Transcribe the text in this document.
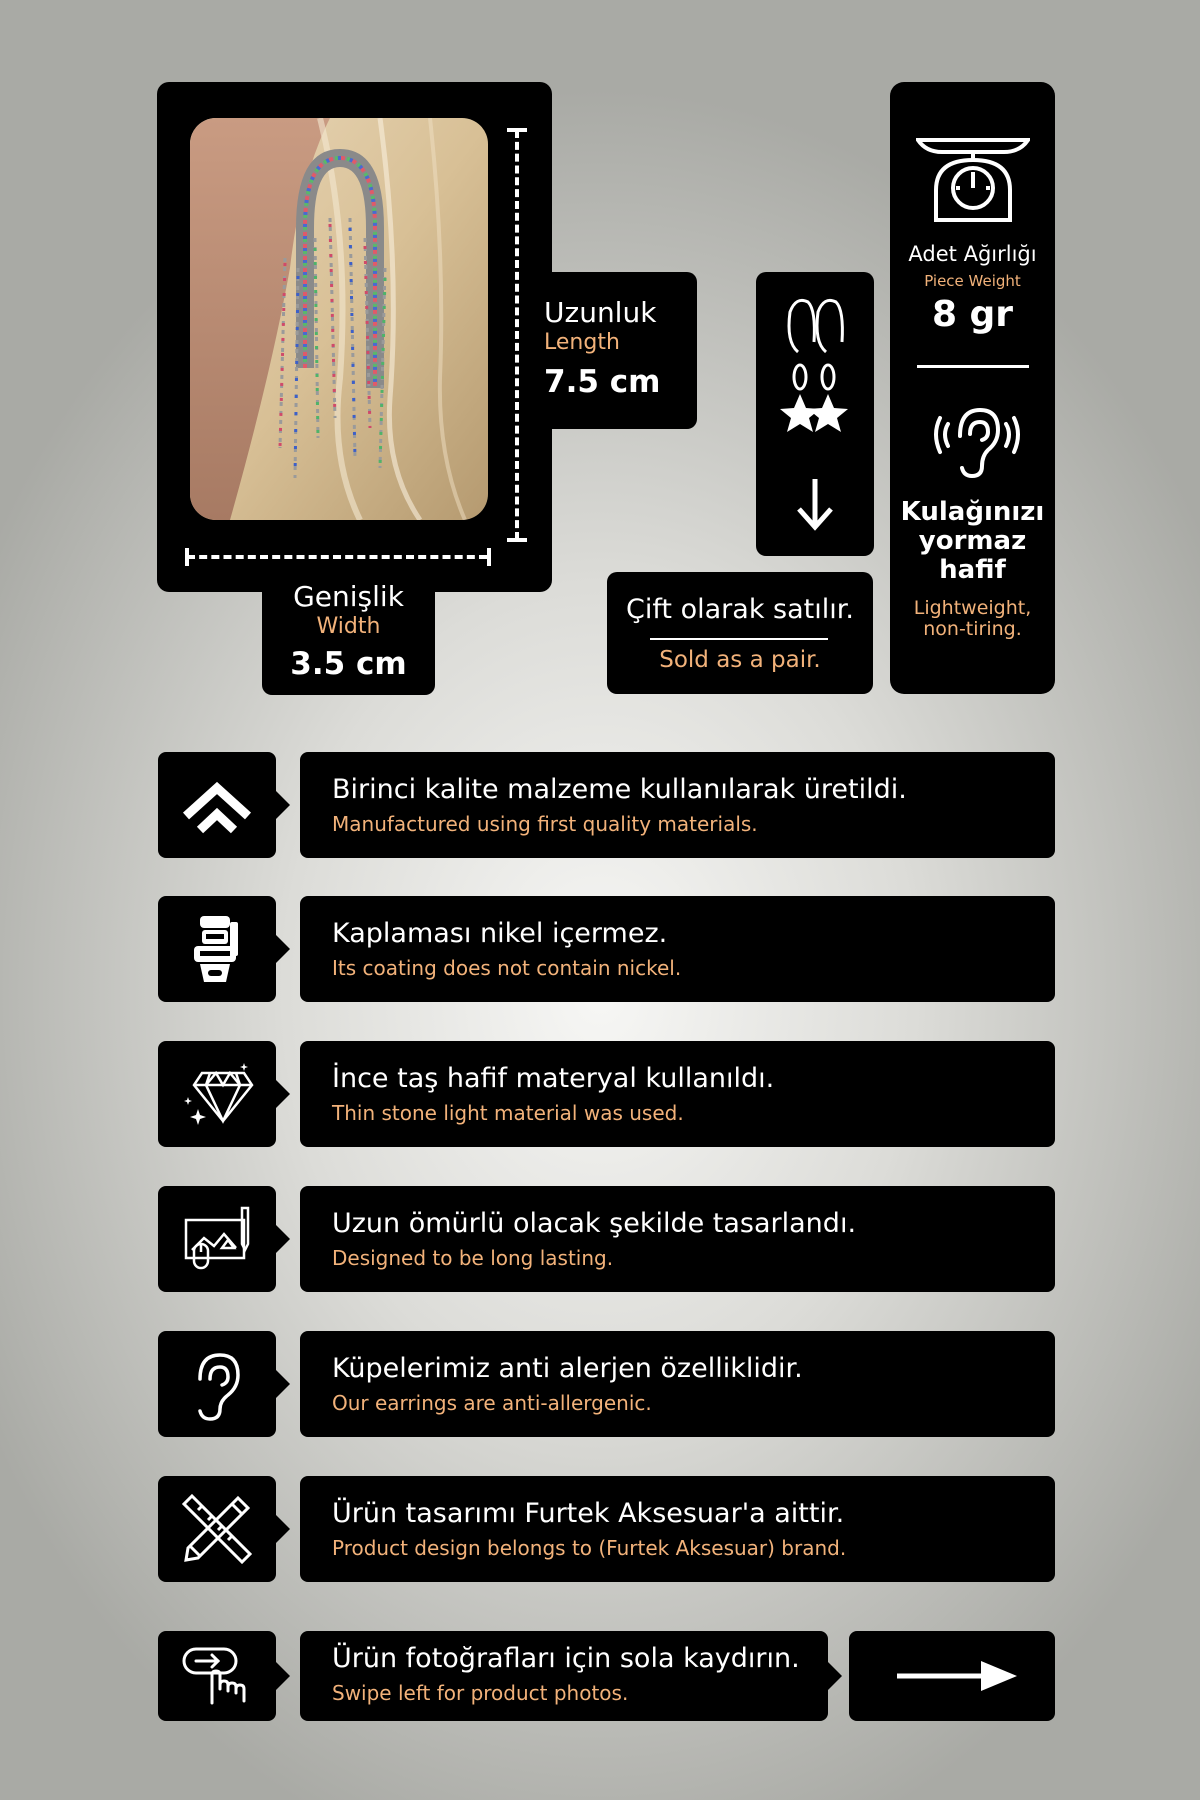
Uzunluk
Length
7.5 cm
Genişlik
Width
3.5 cm
Çift olarak satılır.
Sold as a pair.
Adet Ağırlığı
Piece Weight
8 gr
Kulağınızı
yormaz
hafif
Lightweight,
non-tiring.
Birinci kalite malzeme kullanılarak üretildi.
Manufactured using first quality materials.
Kaplaması nikel içermez.
Its coating does not contain nickel.
İnce taş hafif materyal kullanıldı.
Thin stone light material was used.
Uzun ömürlü olacak şekilde tasarlandı.
Designed to be long lasting.
Küpelerimiz anti alerjen özelliklidir.
Our earrings are anti-allergenic.
Ürün tasarımı Furtek Aksesuar'a aittir.
Product design belongs to (Furtek Aksesuar) brand.
Ürün fotoğrafları için sola kaydırın.
Swipe left for product photos.
